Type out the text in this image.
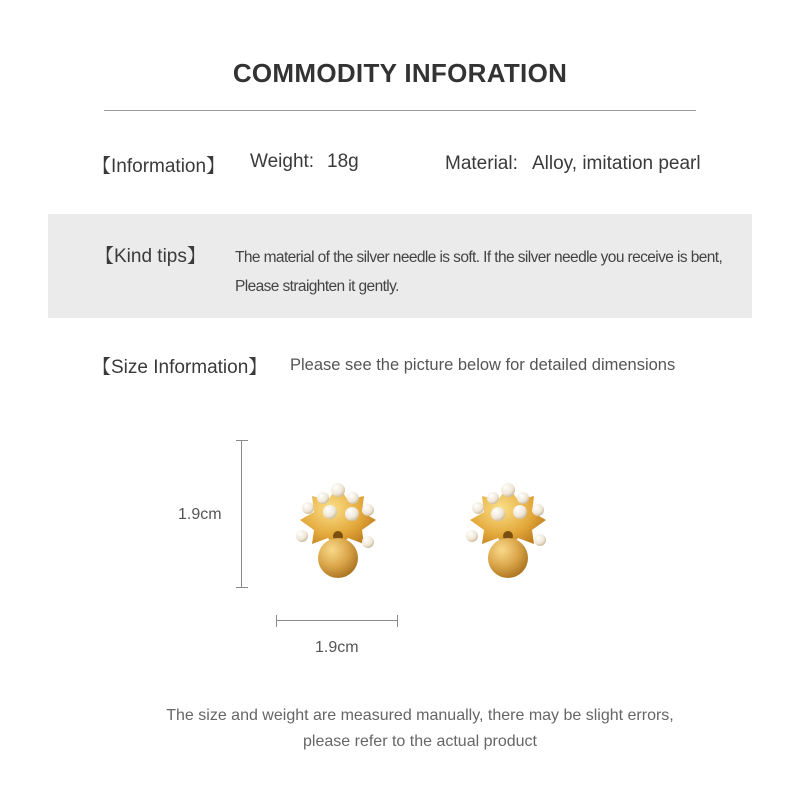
COMMODITY INFORATION
【Information】 Weight: 18g	Material: Alloy, imitation pearl
【Kind tips】 The material of the silver needle is soft. If the silver needle you receive is bent,
Please straighten it gently.
【Size Information】 Please see the picture below for detailed dimensions
1.9cm
1.9cm
The size and weight are measured manually, there may be slight errors,
please refer to the actual product
